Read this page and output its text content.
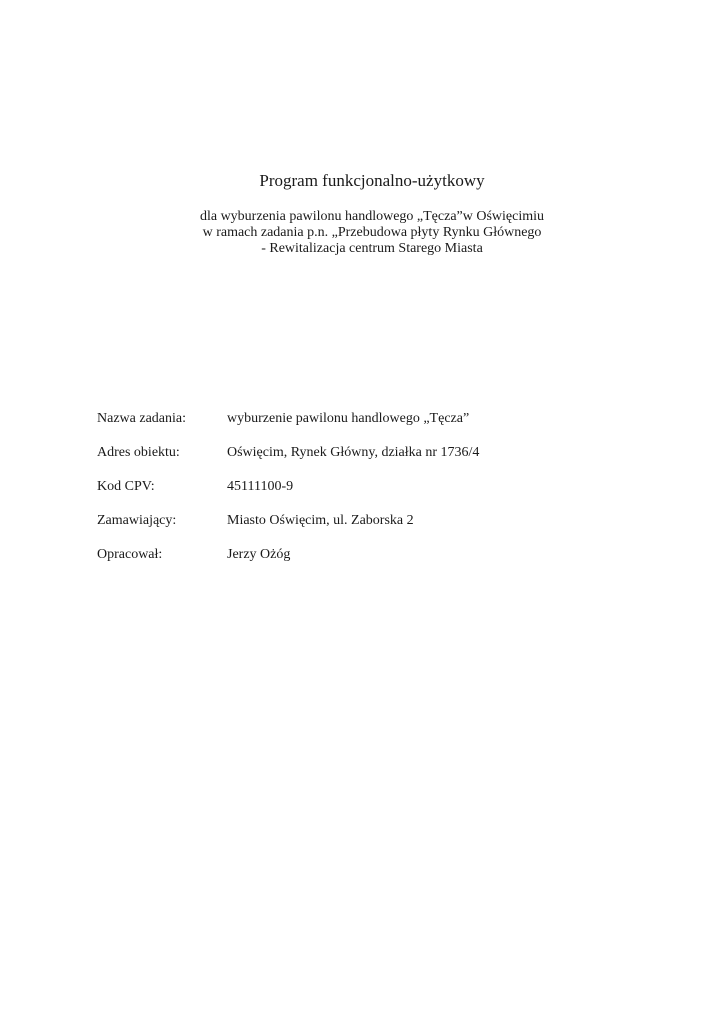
Program funkcjonalno-użytkowy
dla wyburzenia pawilonu handlowego „Tęcza”w Oświęcimiu
w ramach zadania p.n. „Przebudowa płyty Rynku Głównego
- Rewitalizacja centrum Starego Miasta
Nazwa zadania:	wyburzenie pawilonu handlowego „Tęcza”
Adres obiektu:	Oświęcim, Rynek Główny, działka nr 1736/4
Kod CPV:	45111100-9
Zamawiający:	Miasto Oświęcim, ul. Zaborska 2
Opracował:	Jerzy Ożóg
